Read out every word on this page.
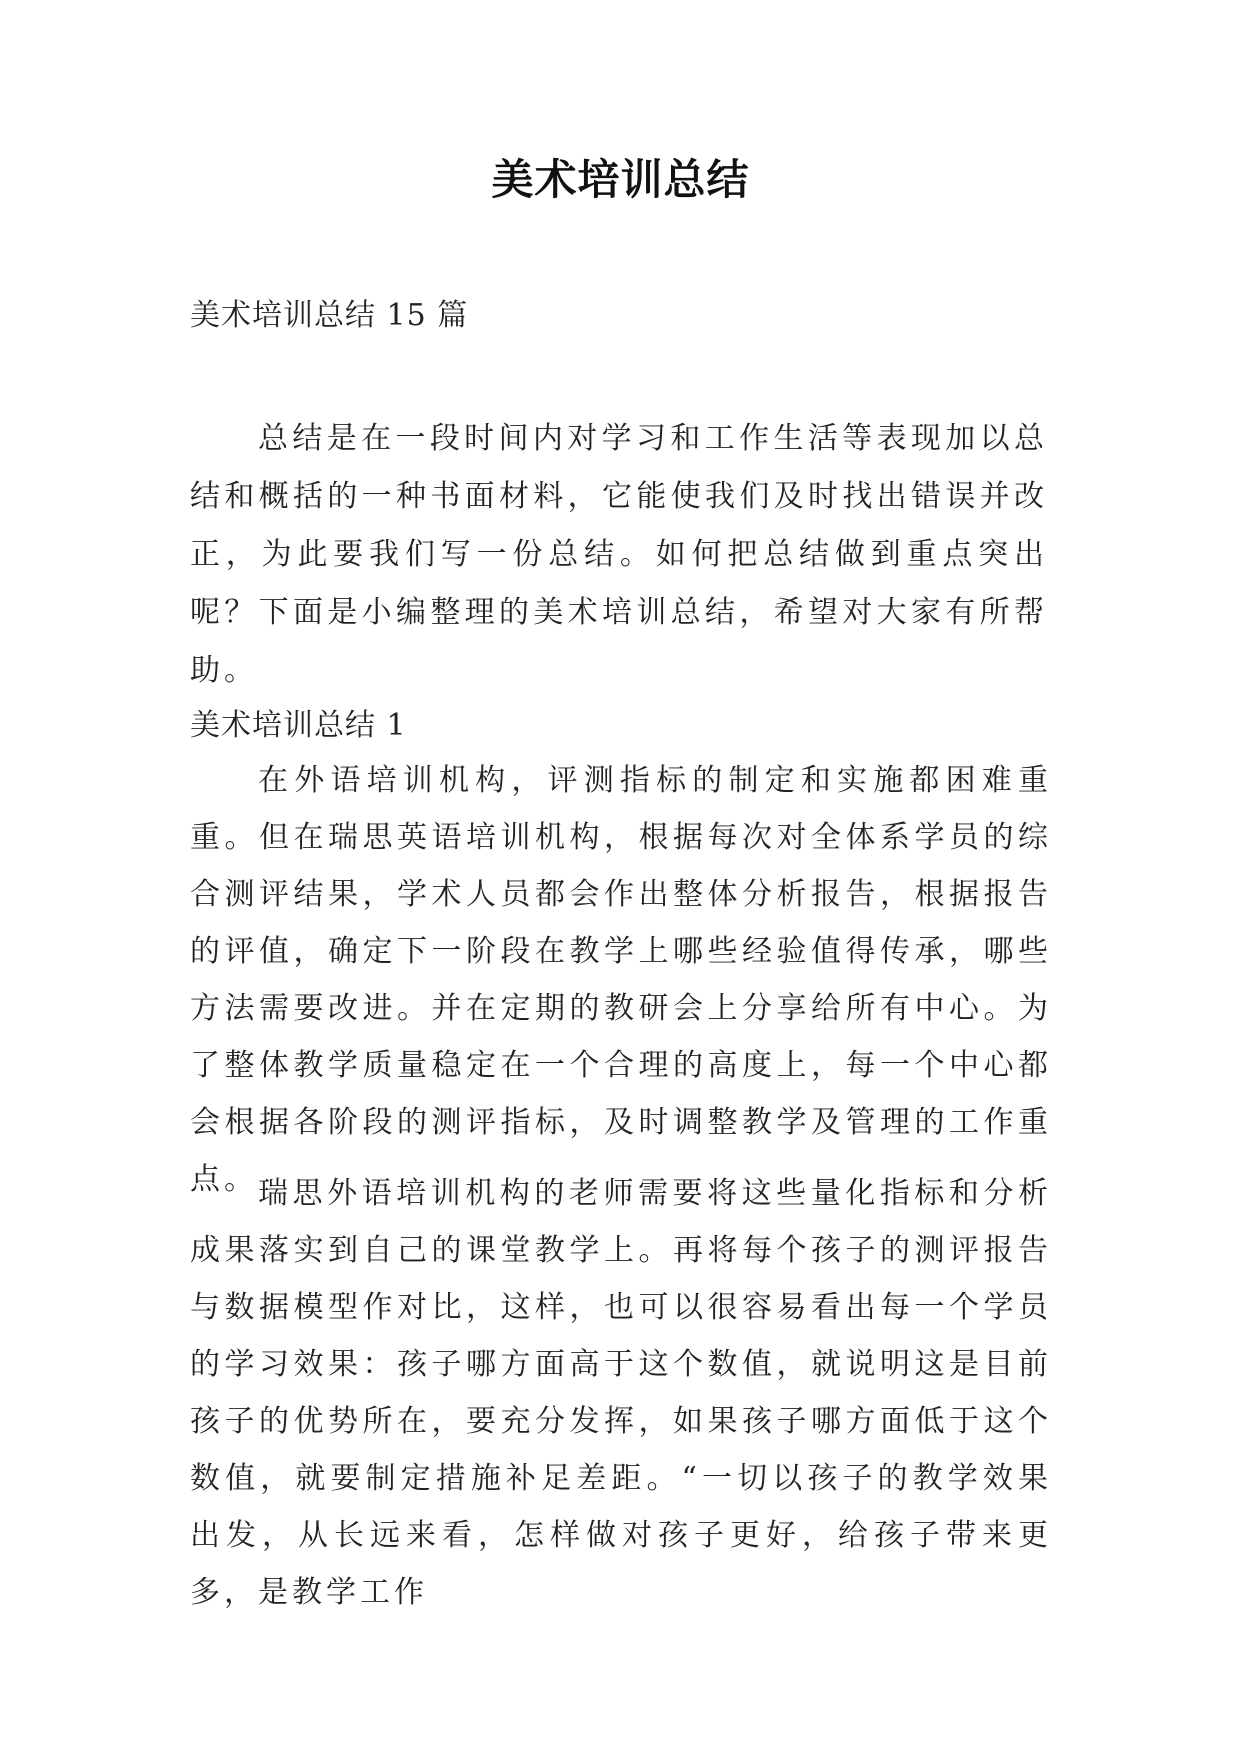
美术培训总结
美术培训总结 15 篇

总结是在一段时间内对学习和工作生活等表现加以总结和概括的一种书面材料，它能使我们及时找出错误并改正，为此要我们写一份总结。如何把总结做到重点突出呢？下面是小编整理的美术培训总结，希望对大家有所帮助。

美术培训总结 1

在外语培训机构，评测指标的制定和实施都困难重重。但在瑞思英语培训机构，根据每次对全体系学员的综合测评结果，学术人员都会作出整体分析报告，根据报告的评值，确定下一阶段在教学上哪些经验值得传承，哪些方法需要改进。并在定期的教研会上分享给所有中心。为了整体教学质量稳定在一个合理的高度上，每一个中心都会根据各阶段的测评指标，及时调整教学及管理的工作重点。 瑞思外语培训机构的老师需要将这些量化指标和分析成果落实到自己的课堂教学上。再将每个孩子的测评报告与数据模型作对比，这样，也可以很容易看出每一个学员的学习效果：孩子哪方面高于这个数值，就说明这是目前孩子的优势所在，要充分发挥，如果孩子哪方面低于这个数值，就要制定措施补足差距。“一切以孩子的教学效果出发，从长远来看，怎样做对孩子更好，给孩子带来更多，是教学工作
